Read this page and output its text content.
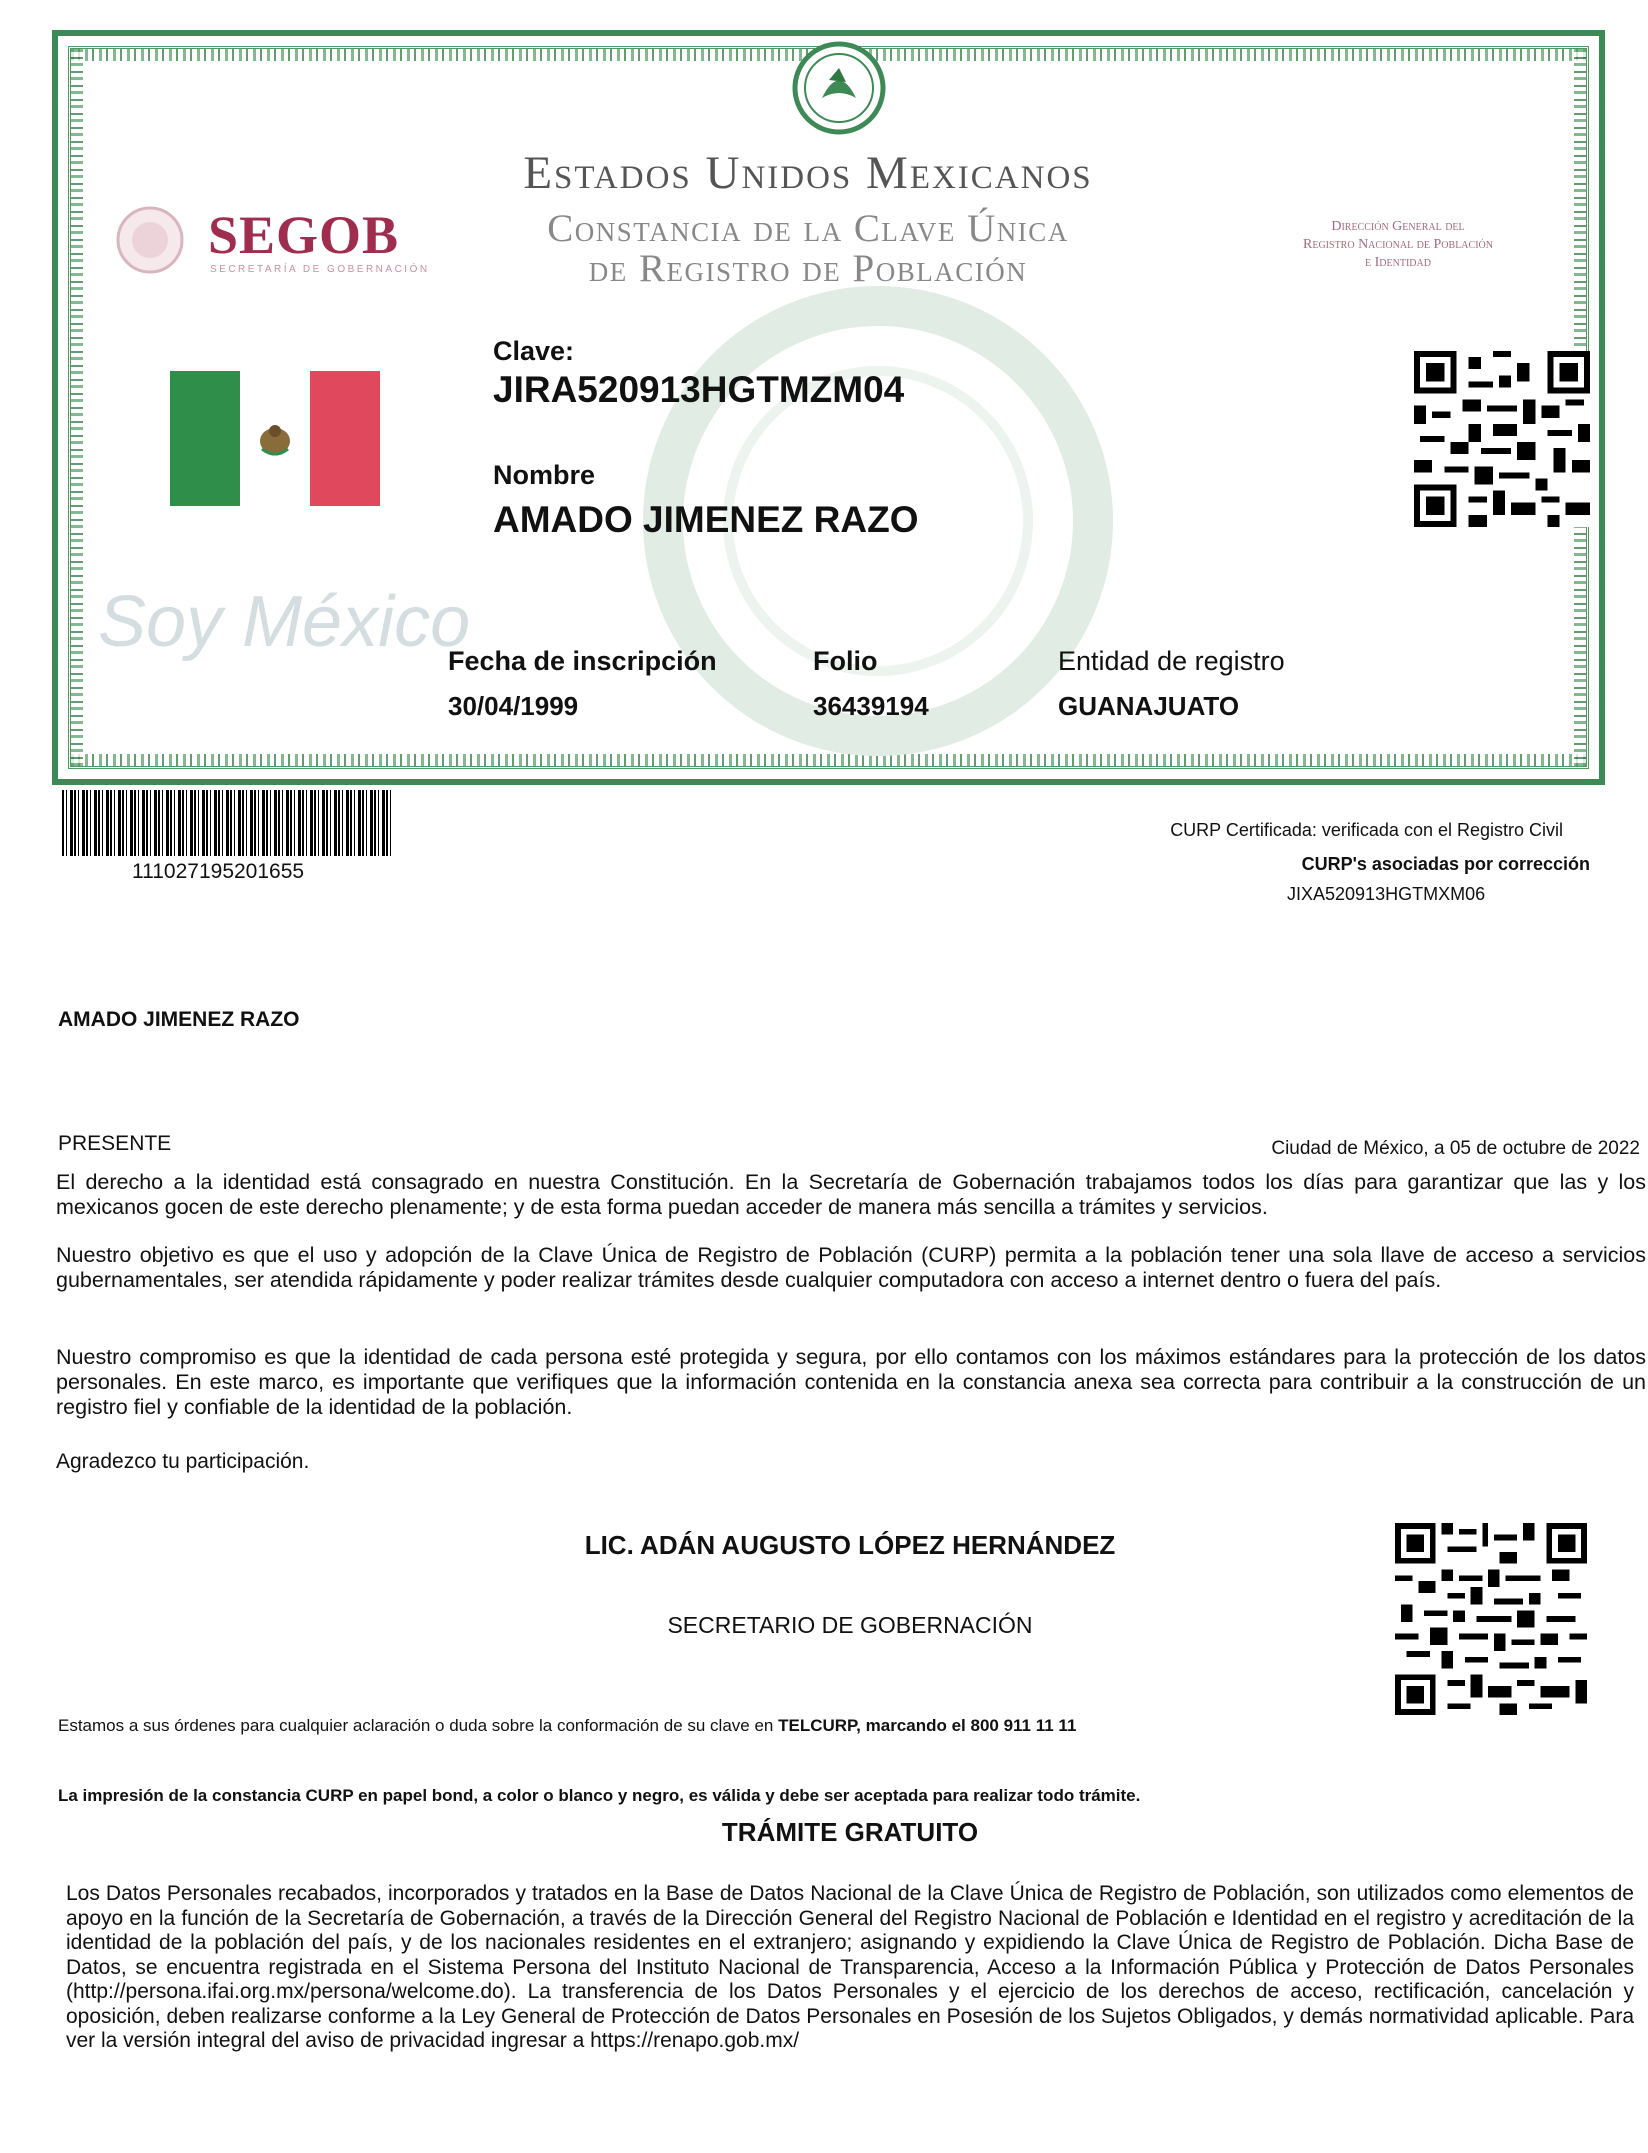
SEGOB
SECRETARÍA DE GOBERNACIÓN
Estados Unidos Mexicanos
Constancia de la Clave Única
de Registro de Población
Dirección General del
Registro Nacional de Población
e Identidad
Soy México
Clave:
JIRA520913HGTMZM04
Nombre
AMADO JIMENEZ RAZO
Fecha de inscripción
30/04/1999
Folio
36439194
Entidad de registro
GUANAJUATO
111027195201655
CURP Certificada: verificada con el Registro Civil
CURP's asociadas por corrección
JIXA520913HGTMXM06
AMADO JIMENEZ RAZO
PRESENTE	Ciudad de México, a 05 de octubre de 2022

El derecho a la identidad está consagrado en nuestra Constitución. En la Secretaría de Gobernación trabajamos todos los días para garantizar que las y los mexicanos gocen de este derecho plenamente; y de esta forma puedan acceder de manera más sencilla a trámites y servicios.

Nuestro objetivo es que el uso y adopción de la Clave Única de Registro de Población (CURP) permita a la población tener una sola llave de acceso a servicios gubernamentales, ser atendida rápidamente y poder realizar trámites desde cualquier computadora con acceso a internet dentro o fuera del país.

Nuestro compromiso es que la identidad de cada persona esté protegida y segura, por ello contamos con los máximos estándares para la protección de los datos personales. En este marco, es importante que verifiques que la información contenida en la constancia anexa sea correcta para contribuir a la construcción de un registro fiel y confiable de la identidad de la población.

Agradezco tu participación.
LIC. ADÁN AUGUSTO LÓPEZ HERNÁNDEZ
SECRETARIO DE GOBERNACIÓN
Estamos a sus órdenes para cualquier aclaración o duda sobre la conformación de su clave en TELCURP, marcando el 800 911 11 11
La impresión de la constancia CURP en papel bond, a color o blanco y negro, es válida y debe ser aceptada para realizar todo trámite.
TRÁMITE GRATUITO

Los Datos Personales recabados, incorporados y tratados en la Base de Datos Nacional de la Clave Única de Registro de Población, son utilizados como elementos de apoyo en la función de la Secretaría de Gobernación, a través de la Dirección General del Registro Nacional de Población e Identidad en el registro y acreditación de la identidad de la población del país, y de los nacionales residentes en el extranjero; asignando y expidiendo la Clave Única de Registro de Población. Dicha Base de Datos, se encuentra registrada en el Sistema Persona del Instituto Nacional de Transparencia, Acceso a la Información Pública y Protección de Datos Personales (http://persona.ifai.org.mx/persona/welcome.do). La transferencia de los Datos Personales y el ejercicio de los derechos de acceso, rectificación, cancelación y oposición, deben realizarse conforme a la Ley General de Protección de Datos Personales en Posesión de los Sujetos Obligados, y demás normatividad aplicable. Para ver la versión integral del aviso de privacidad ingresar a https://renapo.gob.mx/
